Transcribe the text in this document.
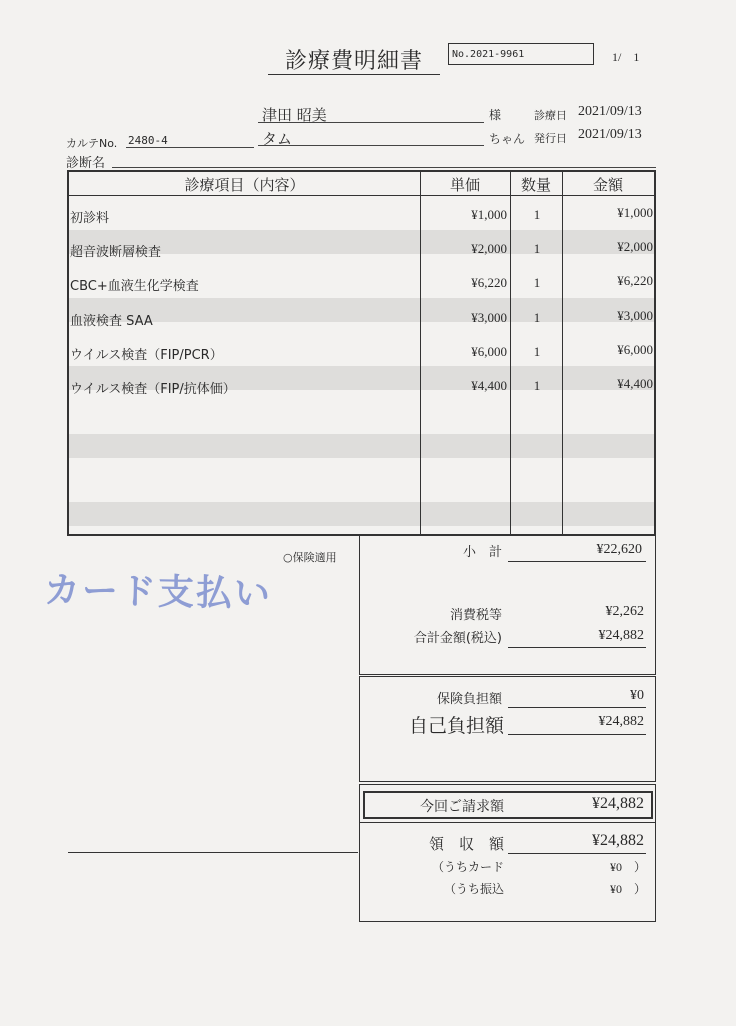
診療費明細書	No.2021-9961	1/　1
津田 昭美	様	診療日 2021/09/13
カルテNo. 2480-4	タム	ちゃん 発行日 2021/09/13
診断名
診療項目（内容）	単価	数量	金額
初診料	¥1,000	1	¥1,000
超音波断層検査	¥2,000	1	¥2,000
CBC+血液生化学検査	¥6,220	1	¥6,220
血液検査 SAA	¥3,000	1	¥3,000
ウイルス検査（FIP/PCR）	¥6,000	1	¥6,000
ウイルス検査（FIP/抗体価）	¥4,400	1	¥4,400
○保険適用
カード支払い
小　計	¥22,620
消費税等	¥2,262
合計金額(税込)	¥24,882
保険負担額	¥0
自己負担額	¥24,882
今回ご請求額	¥24,882
領　収　額	¥24,882
（うちカード	¥0　）
（うち振込	¥0　）
